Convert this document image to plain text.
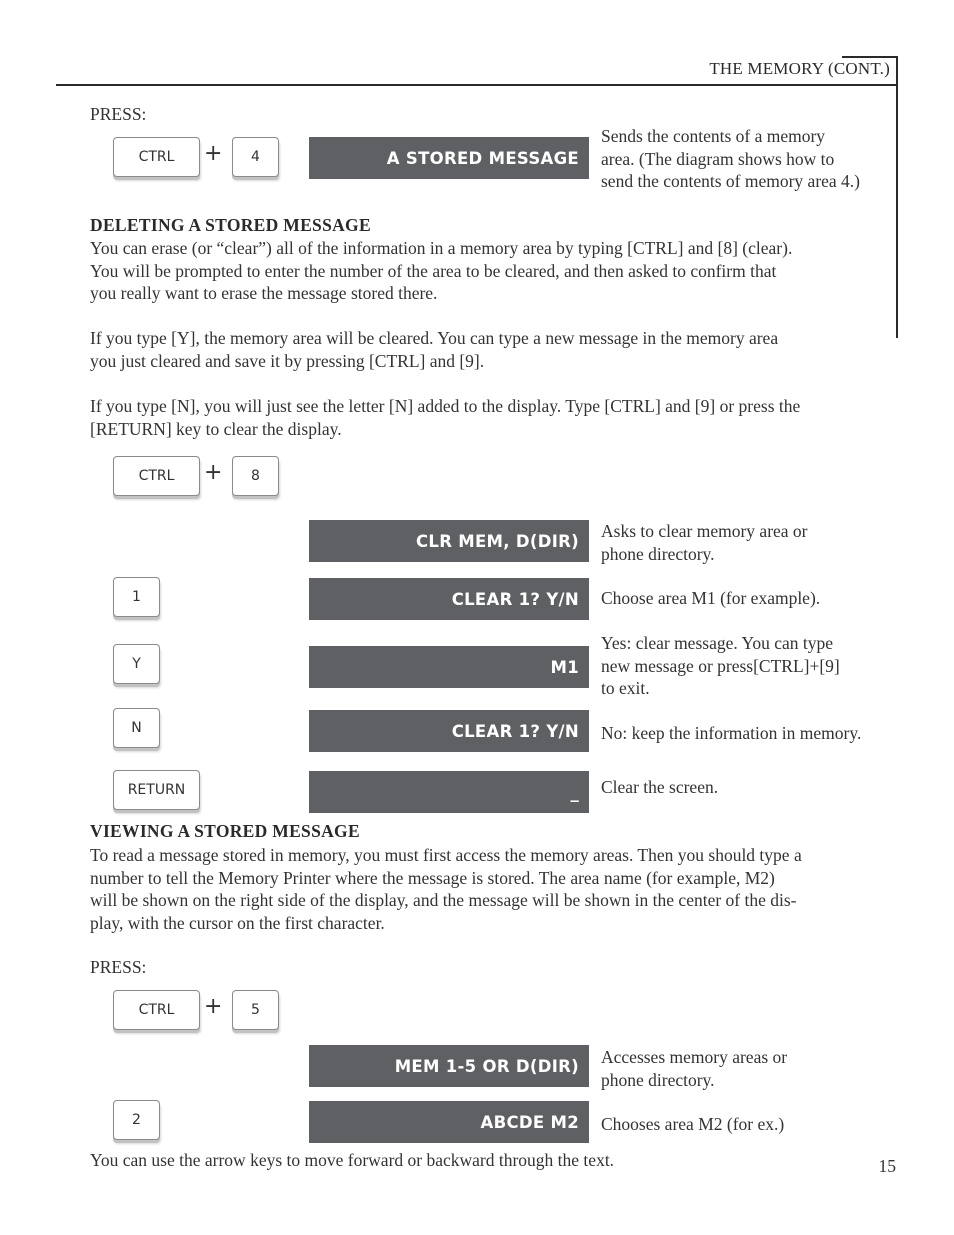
THE MEMORY (CONT.)
PRESS:
CTRL	+	4	A STORED MESSAGE
Sends the contents of a memory
area. (The diagram shows how to
send the contents of memory area 4.)
DELETING A STORED MESSAGE
You can erase (or “clear”) all of the information in a memory area by typing [CTRL] and [8] (clear).
You will be prompted to enter the number of the area to be cleared, and then asked to confirm that
you really want to erase the message stored there.
If you type [Y], the memory area will be cleared. You can type a new message in the memory area
you just cleared and save it by pressing [CTRL] and [9].
If you type [N], you will just see the letter [N] added to the display. Type [CTRL] and [9] or press the
[RETURN] key to clear the display.
CTRL	+	8
CLR MEM, D(DIR)	Asks to clear memory area or
phone directory.
1	CLEAR 1? Y/N	Choose area M1 (for example).
Y	M1
Yes: clear message. You can type
new message or press[CTRL]+[9]
to exit.
N	CLEAR 1? Y/N	No: keep the information in memory.
RETURN	_	Clear the screen.
VIEWING A STORED MESSAGE
To read a message stored in memory, you must first access the memory areas. Then you should type a
number to tell the Memory Printer where the message is stored. The area name (for example, M2)
will be shown on the right side of the display, and the message will be shown in the center of the dis-
play, with the cursor on the first character.
PRESS:
CTRL	+	5
MEM 1-5 OR D(DIR)	Accesses memory areas or
phone directory.
2	ABCDE M2	Chooses area M2 (for ex.)
You can use the arrow keys to move forward or backward through the text.	15
